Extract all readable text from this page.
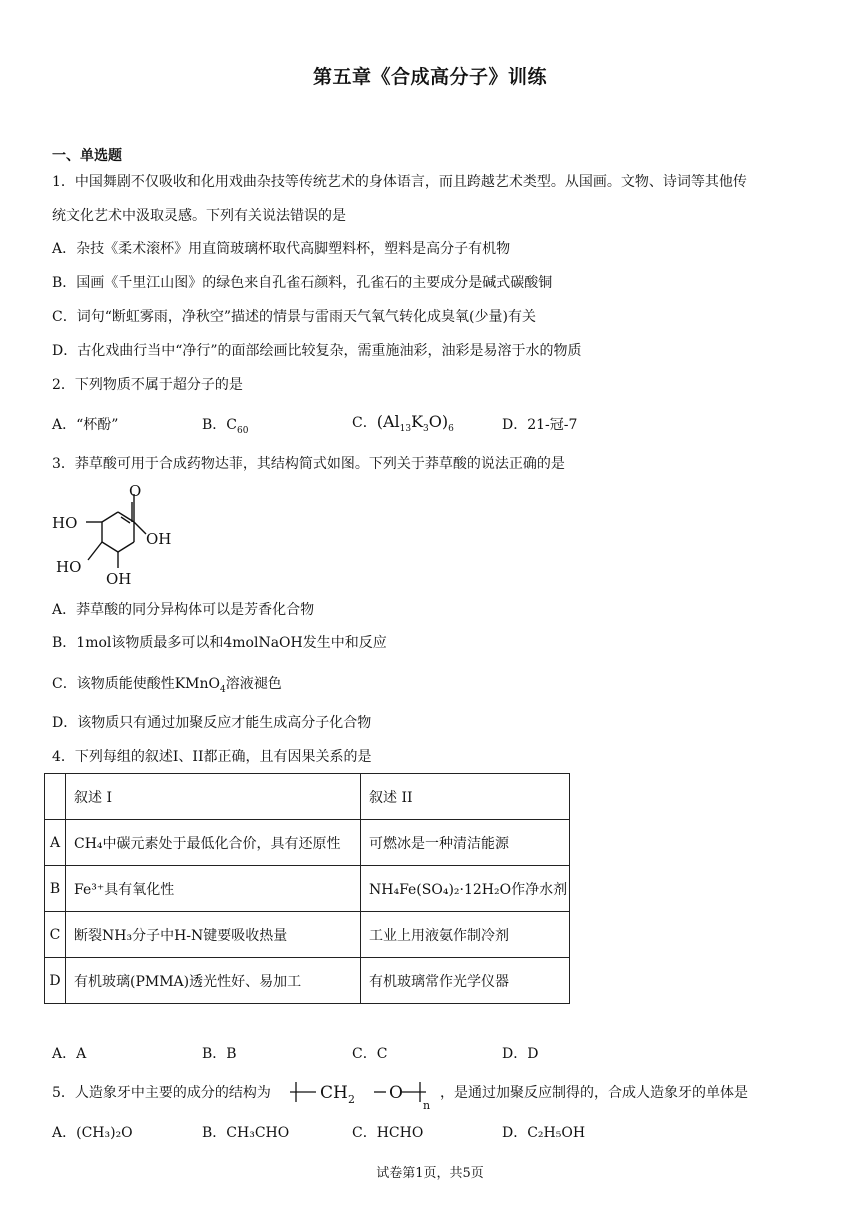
第五章《合成高分子》训练
一、单选题
1．中国舞剧不仅吸收和化用戏曲杂技等传统艺术的身体语言，而且跨越艺术类型。从国画。文物、诗词等其他传
统文化艺术中汲取灵感。下列有关说法错误的是
A．杂技《柔术滚杯》用直筒玻璃杯取代高脚塑料杯，塑料是高分子有机物
B．国画《千里江山图》的绿色来自孔雀石颜料，孔雀石的主要成分是碱式碳酸铜
C．词句“断虹雾雨，净秋空”描述的情景与雷雨天气氧气转化成臭氧(少量)有关
D．古化戏曲行当中“净行”的面部绘画比较复杂，需重施油彩，油彩是易溶于水的物质
2．下列物质不属于超分子的是
A．“杯酚”	B．$C_{60}$	C．$(Al_{13}K_3O)_6$	D．21-冠-7
3．莽草酸可用于合成药物达菲，其结构简式如图。下列关于莽草酸的说法正确的是
O
OH
HO
HO
OH
A．莽草酸的同分异构体可以是芳香化合物
B．1mol该物质最多可以和4molNaOH发生中和反应
C．该物质能使酸性KMnO$_4$溶液褪色
D．该物质只有通过加聚反应才能生成高分子化合物
4．下列每组的叙述I、II都正确，且有因果关系的是
	叙述 I	叙述 II
A	CH₄中碳元素处于最低化合价，具有还原性	可燃冰是一种清洁能源
B	Fe³⁺具有氧化性	NH₄Fe(SO₄)₂·12H₂O作净水剂
C	断裂NH₃分子中H-N键要吸收热量	工业上用液氨作制冷剂
D	有机玻璃(PMMA)透光性好、易加工	有机玻璃常作光学仪器
A．A	B．B	C．C	D．D
5．人造象牙中主要的成分的结构为	CH 2 O
n
，是通过加聚反应制得的，合成人造象牙的单体是
A．(CH₃)₂O	B．CH₃CHO	C．HCHO	D．C₂H₅OH
试卷第1页，共5页
